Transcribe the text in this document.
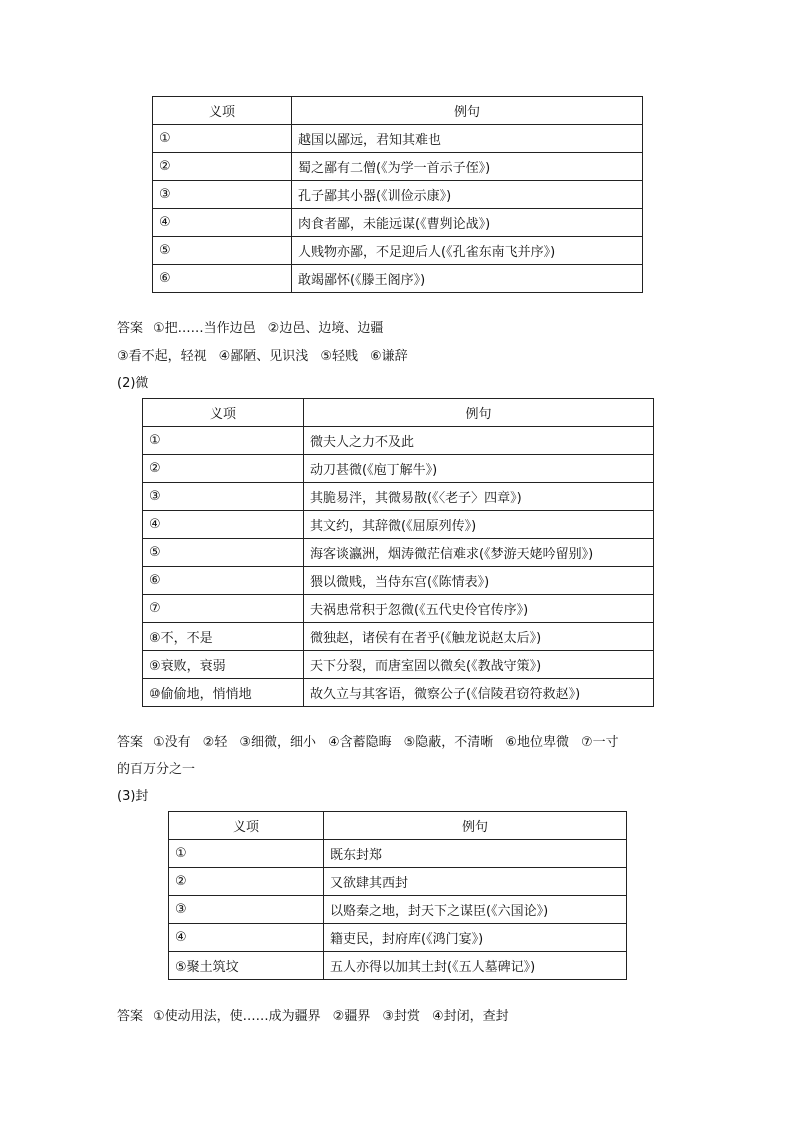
义项	例句
①	越国以鄙远，君知其难也
②	蜀之鄙有二僧(《为学一首示子侄》)
③	孔子鄙其小器(《训俭示康》)
④	肉食者鄙，未能远谋(《曹刿论战》)
⑤	人贱物亦鄙，不足迎后人(《孔雀东南飞并序》)
⑥	敢竭鄙怀(《滕王阁序》)
答案 ①把……当作边邑 ②边邑、边境、边疆
③看不起，轻视 ④鄙陋、见识浅 ⑤轻贱 ⑥谦辞
(2)微
义项	例句
①	微夫人之力不及此
②	动刀甚微(《庖丁解牛》)
③	其脆易泮，其微易散(《〈老子〉四章》)
④	其文约，其辞微(《屈原列传》)
⑤	海客谈瀛洲，烟涛微茫信难求(《梦游天姥吟留别》)
⑥	猥以微贱，当侍东宫(《陈情表》)
⑦	夫祸患常积于忽微(《五代史伶官传序》)
⑧不，不是	微独赵，诸侯有在者乎(《触龙说赵太后》)
⑨衰败，衰弱	天下分裂，而唐室固以微矣(《教战守策》)
⑩偷偷地，悄悄地	故久立与其客语，微察公子(《信陵君窃符救赵》)
答案 ①没有 ②轻 ③细微，细小 ④含蓄隐晦 ⑤隐蔽，不清晰 ⑥地位卑微 ⑦一寸
的百万分之一
(3)封
义项	例句
①	既东封郑
②	又欲肆其西封
③	以赂秦之地，封天下之谋臣(《六国论》)
④	籍吏民，封府库(《鸿门宴》)
⑤聚土筑坟	五人亦得以加其土封(《五人墓碑记》)
答案 ①使动用法，使……成为疆界 ②疆界 ③封赏 ④封闭，查封
